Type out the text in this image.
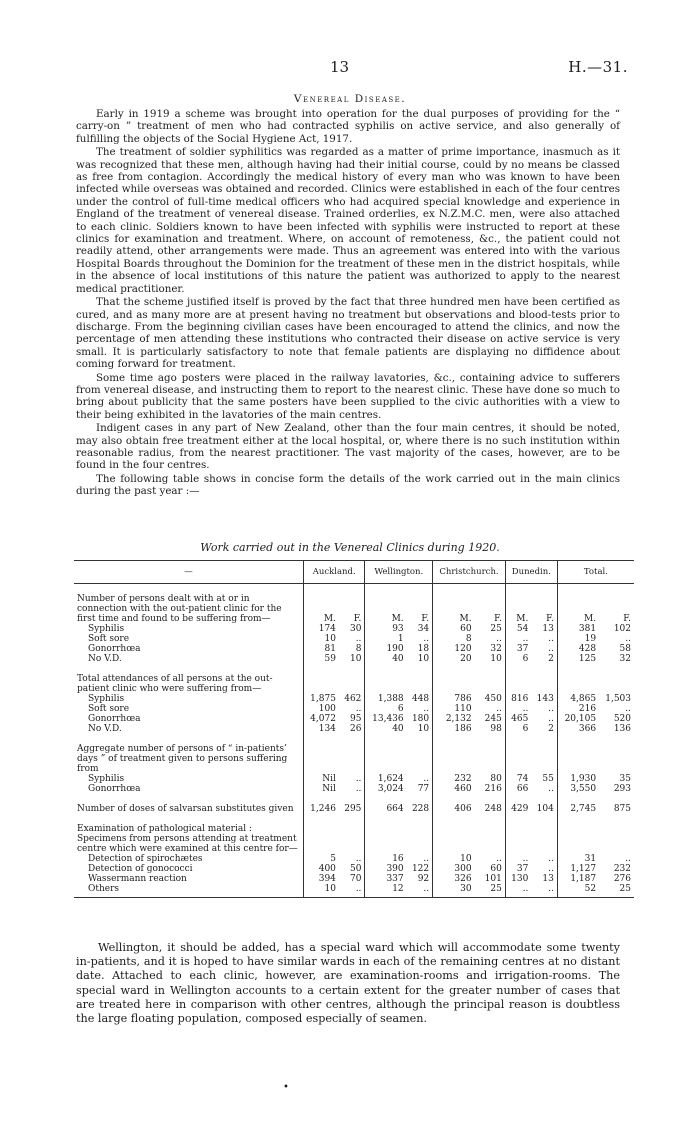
13	H.—31.
Venereal Disease.

Early in 1919 a scheme was brought into operation for the dual purposes of providing for the “ carry-on ” treatment of men who had contracted syphilis on active service, and also generally of fulfilling the objects of the Social Hygiene Act, 1917.

The treatment of soldier syphilitics was regarded as a matter of prime importance, inasmuch as it was recognized that these men, although having had their initial course, could by no means be classed as free from contagion. Accordingly the medical history of every man who was known to have been infected while overseas was obtained and recorded. Clinics were established in each of the four centres under the control of full-time medical officers who had acquired special knowledge and experience in England of the treatment of venereal disease. Trained orderlies, ex N.Z.M.C. men, were also attached to each clinic. Soldiers known to have been infected with syphilis were instructed to report at these clinics for examination and treatment. Where, on account of remoteness, &c., the patient could not readily attend, other arrangements were made. Thus an agreement was entered into with the various Hospital Boards throughout the Dominion for the treatment of these men in the district hospitals, while in the absence of local institutions of this nature the patient was authorized to apply to the nearest medical practitioner.

That the scheme justified itself is proved by the fact that three hundred men have been certified as cured, and as many more are at present having no treatment but observations and blood-tests prior to discharge. From the beginning civilian cases have been encouraged to attend the clinics, and now the percentage of men attending these institutions who contracted their disease on active service is very small. It is particularly satisfactory to note that female patients are displaying no diffidence about coming forward for treatment.

Some time ago posters were placed in the railway lavatories, &c., containing advice to sufferers from venereal disease, and instructing them to report to the nearest clinic. These have done so much to bring about publicity that the same posters have been supplied to the civic authorities with a view to their being exhibited in the lavatories of the main centres.

Indigent cases in any part of New Zealand, other than the four main centres, it should be noted, may also obtain free treatment either at the local hospital, or, where there is no such institution within reasonable radius, from the nearest practitioner. The vast majority of the cases, however, are to be found in the four centres.

The following table shows in concise form the details of the work carried out in the main clinics during the past year :—

Work carried out in the Venereal Clinics during 1920.
—	Auckland.		Wellington.		Christchurch.		Dunedin.		Total.	

Number of persons dealt with at or in connection with the out-patient clinic for the first time and found to be suffering from—	M.	F.	M.	F.	M.	F.	M.	F.	M.	F.
Syphilis	174	30	93	34	60	25	54	13	381	102
Soft sore	10	..	1	..	8	..	..	..	19	..
Gonorrhœa	81	8	190	18	120	32	37	..	428	58
No V.D.	59	10	40	10	20	10	6	2	125	32

Total attendances of all persons at the out-patient clinic who were suffering from—										
Syphilis	1,875	462	1,388	448	786	450	816	143	4,865	1,503
Soft sore	100	..	6	..	110	..	..	..	216	..
Gonorrhœa	4,072	95	13,436	180	2,132	245	465	..	20,105	520
No V.D.	134	26	40	10	186	98	6	2	366	136

Aggregate number of persons of “ in-patients’ days ” of treatment given to persons suffering from										
Syphilis	Nil	..	1,624	..	232	80	74	55	1,930	35
Gonorrhœa	Nil	..	3,024	77	460	216	66	..	3,550	293

Number of doses of salvarsan substitutes given	1,246	295	664	228	406	248	429	104	2,745	875

Examination of pathological material : Specimens from persons attending at treatment centre which were examined at this centre for—										
Detection of spirochætes	5	..	16	..	10	..	..	..	31	..
Detection of gonococci	400	50	390	122	300	60	37	..	1,127	232
Wassermann reaction	394	70	337	92	326	101	130	13	1,187	276
Others	10	..	12	..	30	25	..	..	52	25

Wellington, it should be added, has a special ward which will accommodate some twenty in-patients, and it is hoped to have similar wards in each of the remaining centres at no distant date. Attached to each clinic, however, are examination-rooms and irrigation-rooms. The special ward in Wellington accounts to a certain extent for the greater number of cases that are treated here in comparison with other centres, although the principal reason is doubtless the large floating population, composed especially of seamen.

•
